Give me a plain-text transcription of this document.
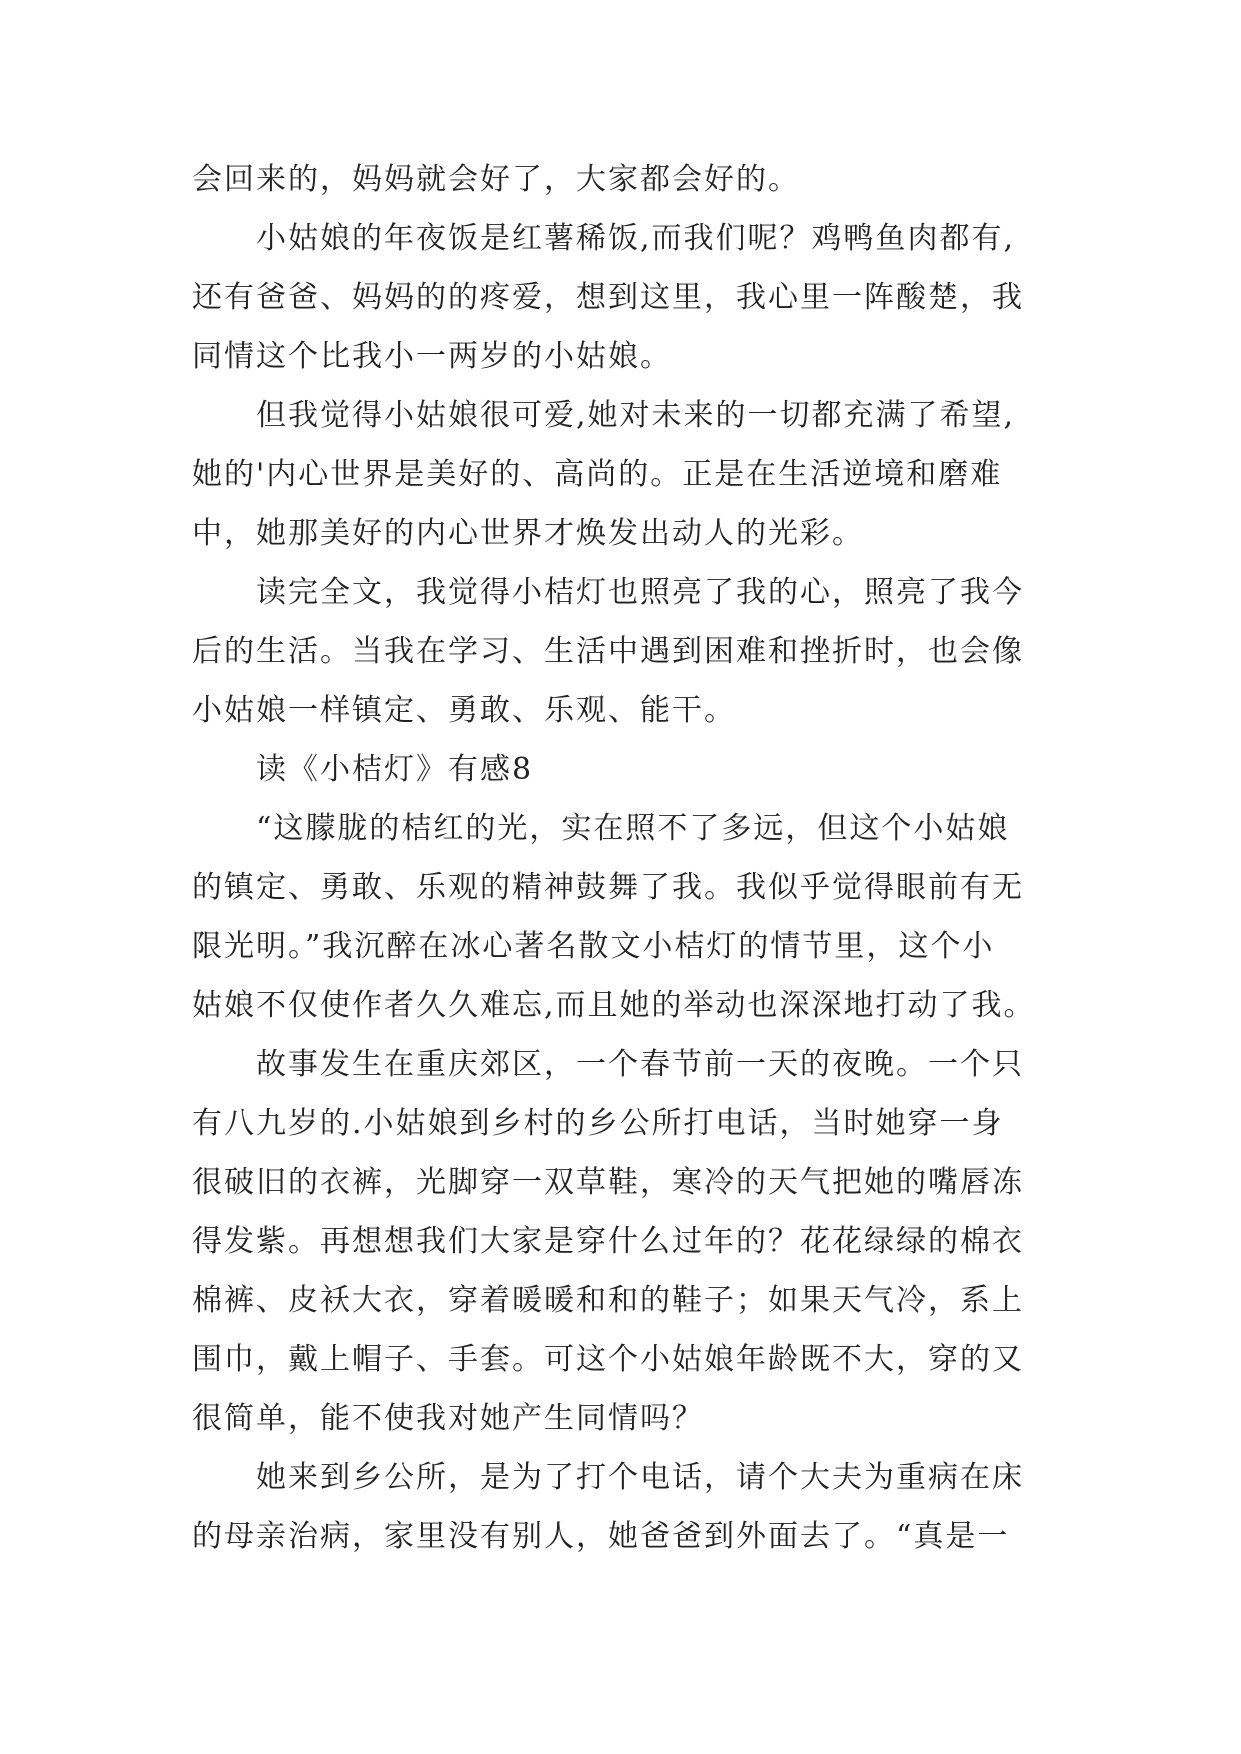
会回来的，妈妈就会好了，大家都会好的。
小姑娘的年夜饭是红薯稀饭,而我们呢？鸡鸭鱼肉都有,
还有爸爸、妈妈的的疼爱，想到这里，我心里一阵酸楚，我
同情这个比我小一两岁的小姑娘。
但我觉得小姑娘很可爱,她对未来的一切都充满了希望,
她的'内心世界是美好的、高尚的。正是在生活逆境和磨难
中，她那美好的内心世界才焕发出动人的光彩。
读完全文，我觉得小桔灯也照亮了我的心，照亮了我今
后的生活。当我在学习、生活中遇到困难和挫折时，也会像
小姑娘一样镇定、勇敢、乐观、能干。
读《小桔灯》有感8
“这朦胧的桔红的光，实在照不了多远，但这个小姑娘
的镇定、勇敢、乐观的精神鼓舞了我。我似乎觉得眼前有无
限光明。”我沉醉在冰心著名散文小桔灯的情节里，这个小
姑娘不仅使作者久久难忘,而且她的举动也深深地打动了我。
故事发生在重庆郊区，一个春节前一天的夜晚。一个只
有八九岁的.小姑娘到乡村的乡公所打电话，当时她穿一身
很破旧的衣裤，光脚穿一双草鞋，寒冷的天气把她的嘴唇冻
得发紫。再想想我们大家是穿什么过年的？花花绿绿的棉衣
棉裤、皮袄大衣，穿着暖暖和和的鞋子；如果天气冷，系上
围巾，戴上帽子、手套。可这个小姑娘年龄既不大，穿的又
很简单，能不使我对她产生同情吗？
她来到乡公所，是为了打个电话，请个大夫为重病在床
的母亲治病，家里没有别人，她爸爸到外面去了。“真是一
